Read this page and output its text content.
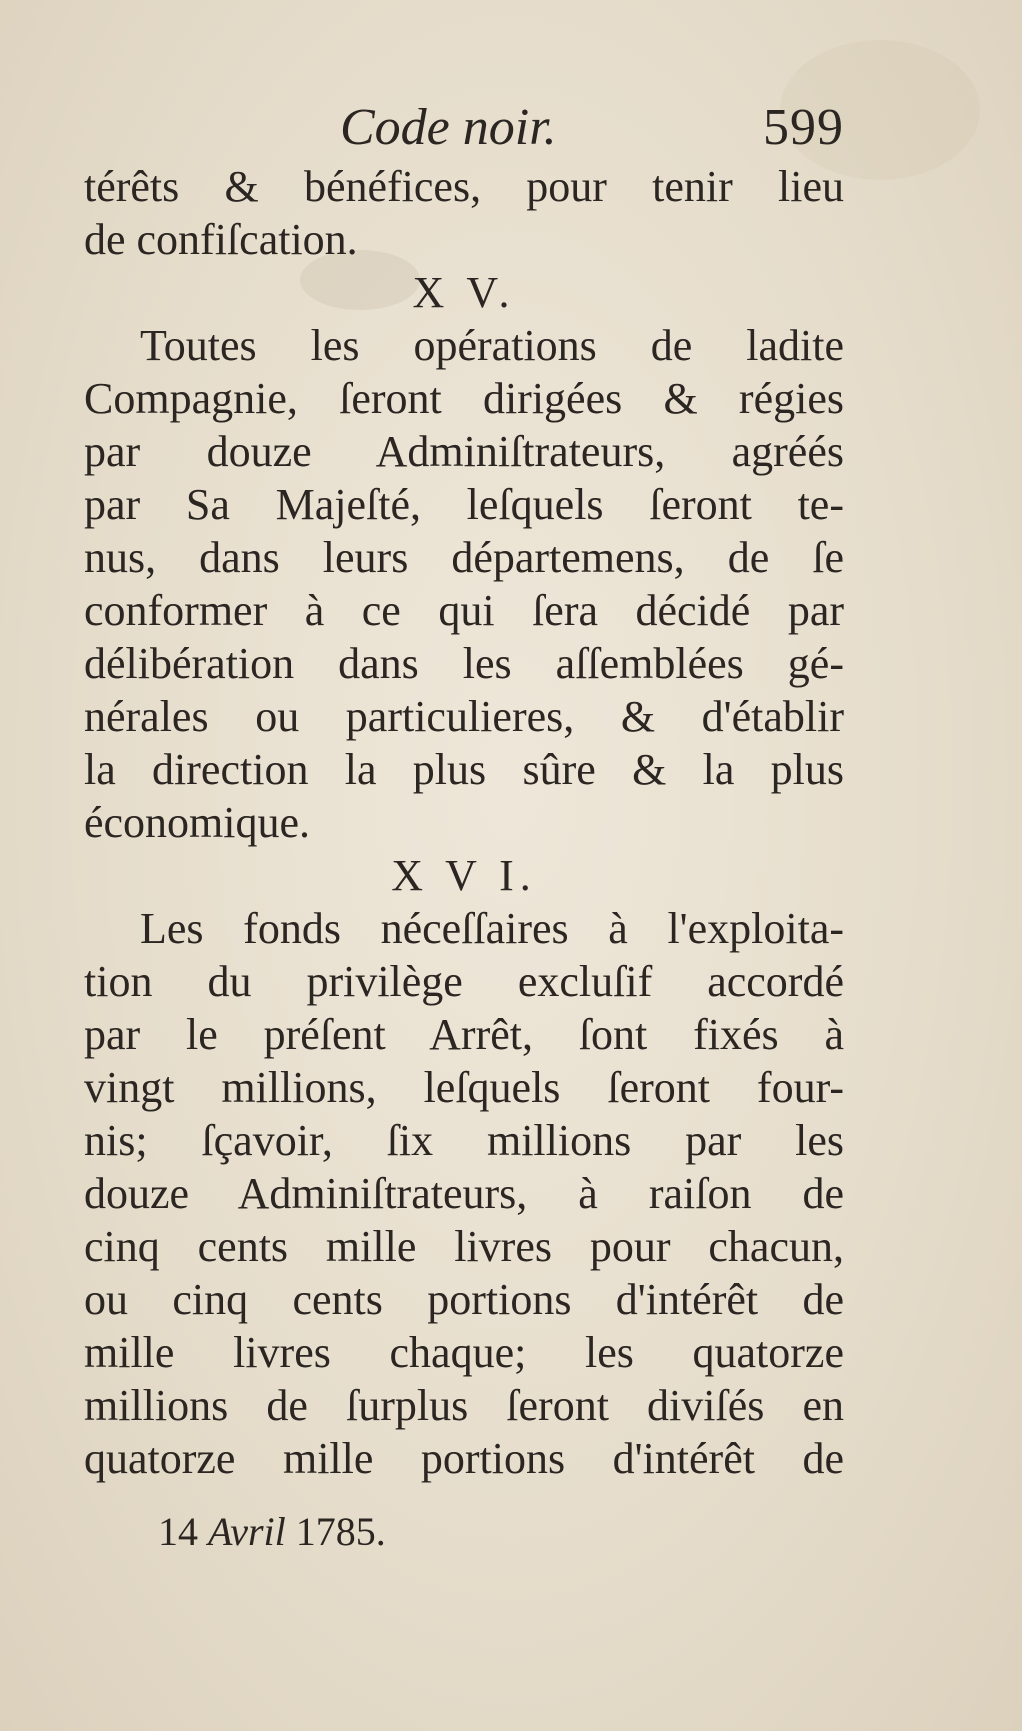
Code noir.	599
térêts & bénéfices, pour tenir lieu
de confiſcation.
X V.
Toutes les opérations de ladite
Compagnie, ſeront dirigées & régies
par douze Adminiſtrateurs, agréés
par Sa Majeſté, leſquels ſeront te-
nus, dans leurs départemens, de ſe
conformer à ce qui ſera décidé par
délibération dans les aſſemblées gé-
nérales ou particulieres, & d'établir
la direction la plus sûre & la plus
économique.
X V I.
Les fonds néceſſaires à l'exploita-
tion du privilège excluſif accordé
par le préſent Arrêt, ſont fixés à
vingt millions, leſquels ſeront four-
nis; ſçavoir, ſix millions par les
douze Adminiſtrateurs, à raiſon de
cinq cents mille livres pour chacun,
ou cinq cents portions d'intérêt de
mille livres chaque; les quatorze
millions de ſurplus ſeront diviſés en
quatorze mille portions d'intérêt de
14 Avril 1785.
